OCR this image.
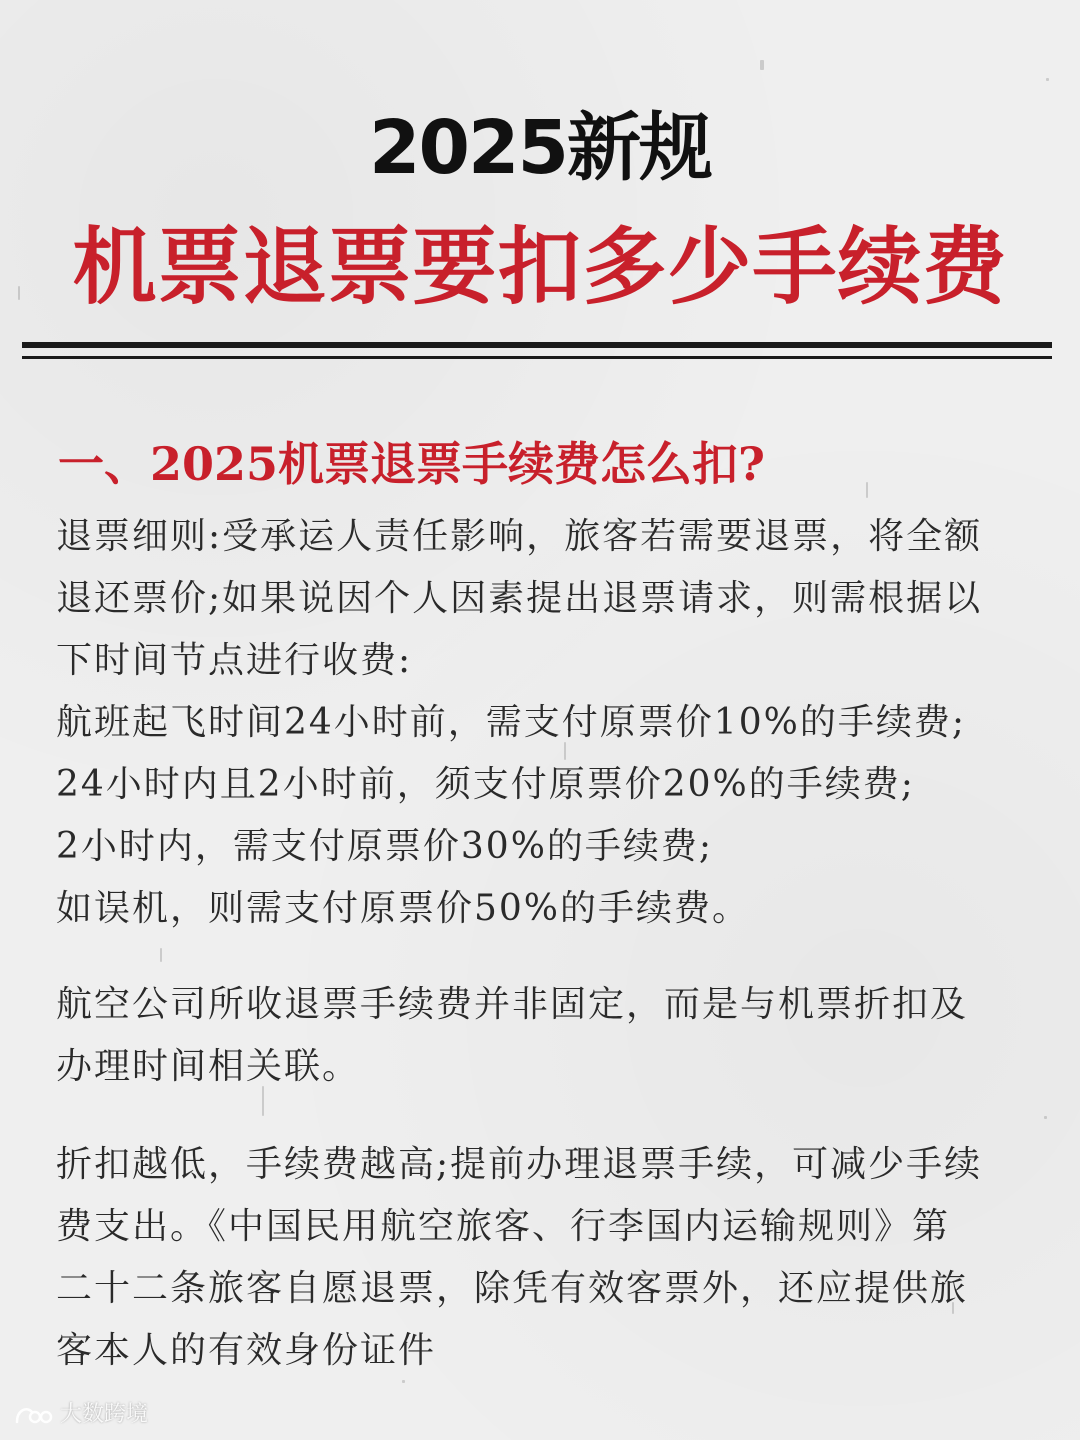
2025新规
机票退票要扣多少手续费
一、2025机票退票手续费怎么扣?
退票细则:受承运人责任影响，旅客若需要退票，将全额
退还票价;如果说因个人因素提出退票请求，则需根据以
下时间节点进行收费:
航班起飞时间24小时前，需支付原票价10%的手续费;
24小时内且2小时前，须支付原票价20%的手续费;
2小时内，需支付原票价30%的手续费;
如误机，则需支付原票价50%的手续费。
航空公司所收退票手续费并非固定，而是与机票折扣及
办理时间相关联。
折扣越低，手续费越高;提前办理退票手续，可减少手续
费支出。《中国民用航空旅客、行李国内运输规则》第
二十二条旅客自愿退票，除凭有效客票外，还应提供旅
客本人的有效身份证件
大数跨境
